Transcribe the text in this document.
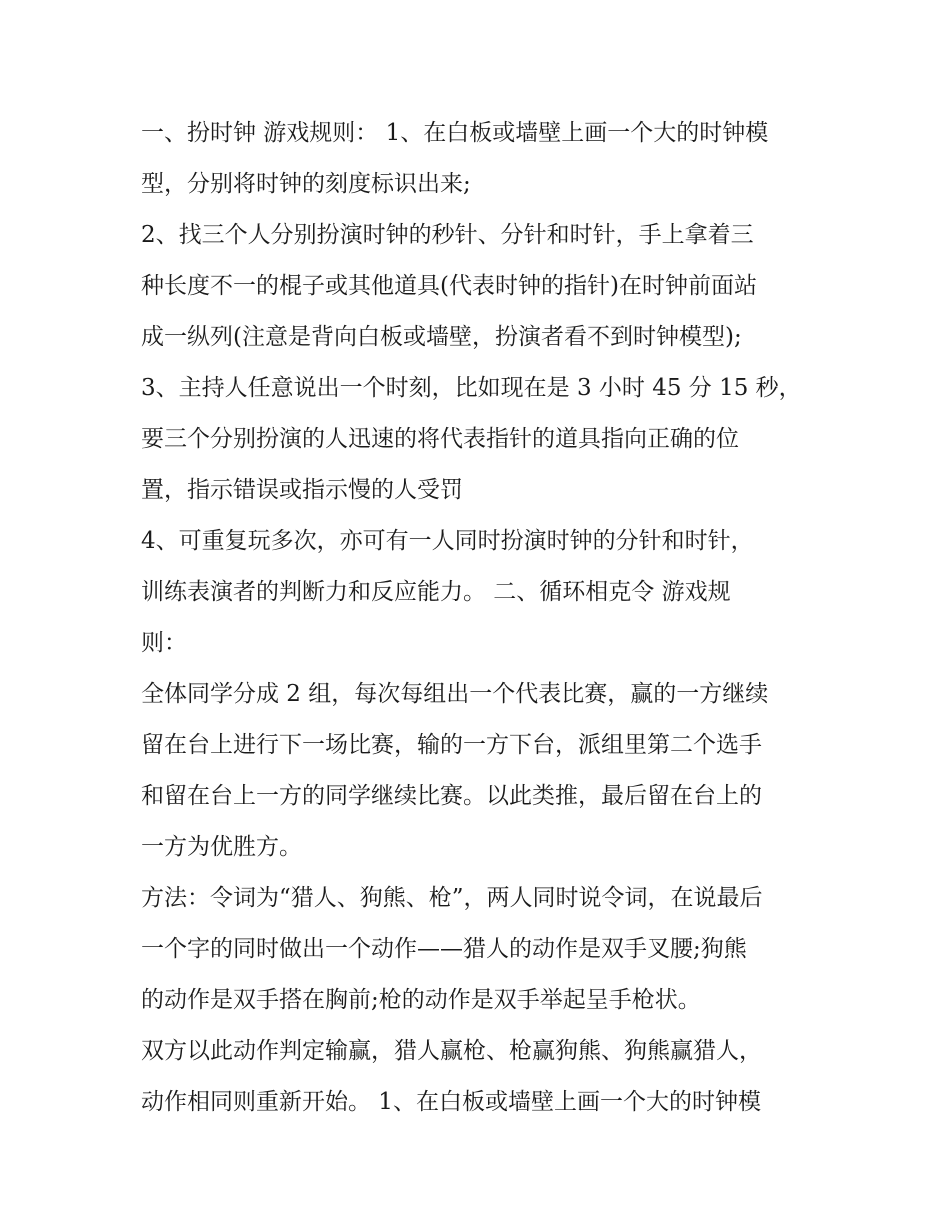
一、扮时钟 游戏规则： 1、在白板或墙壁上画一个大的时钟模
型，分别将时钟的刻度标识出来;
2、找三个人分别扮演时钟的秒针、分针和时针，手上拿着三
种长度不一的棍子或其他道具(代表时钟的指针)在时钟前面站
成一纵列(注意是背向白板或墙壁，扮演者看不到时钟模型);
3、主持人任意说出一个时刻，比如现在是 3 小时 45 分 15 秒，
要三个分别扮演的人迅速的将代表指针的道具指向正确的位
置，指示错误或指示慢的人受罚
4、可重复玩多次，亦可有一人同时扮演时钟的分针和时针，
训练表演者的判断力和反应能力。 二、循环相克令 游戏规
则：
全体同学分成 2 组，每次每组出一个代表比赛，赢的一方继续
留在台上进行下一场比赛，输的一方下台，派组里第二个选手
和留在台上一方的同学继续比赛。以此类推，最后留在台上的
一方为优胜方。
方法：令词为“猎人、狗熊、枪”，两人同时说令词，在说最后
一个字的同时做出一个动作——猎人的动作是双手叉腰;狗熊
的动作是双手搭在胸前;枪的动作是双手举起呈手枪状。
双方以此动作判定输赢，猎人赢枪、枪赢狗熊、狗熊赢猎人，
动作相同则重新开始。 1、在白板或墙壁上画一个大的时钟模
